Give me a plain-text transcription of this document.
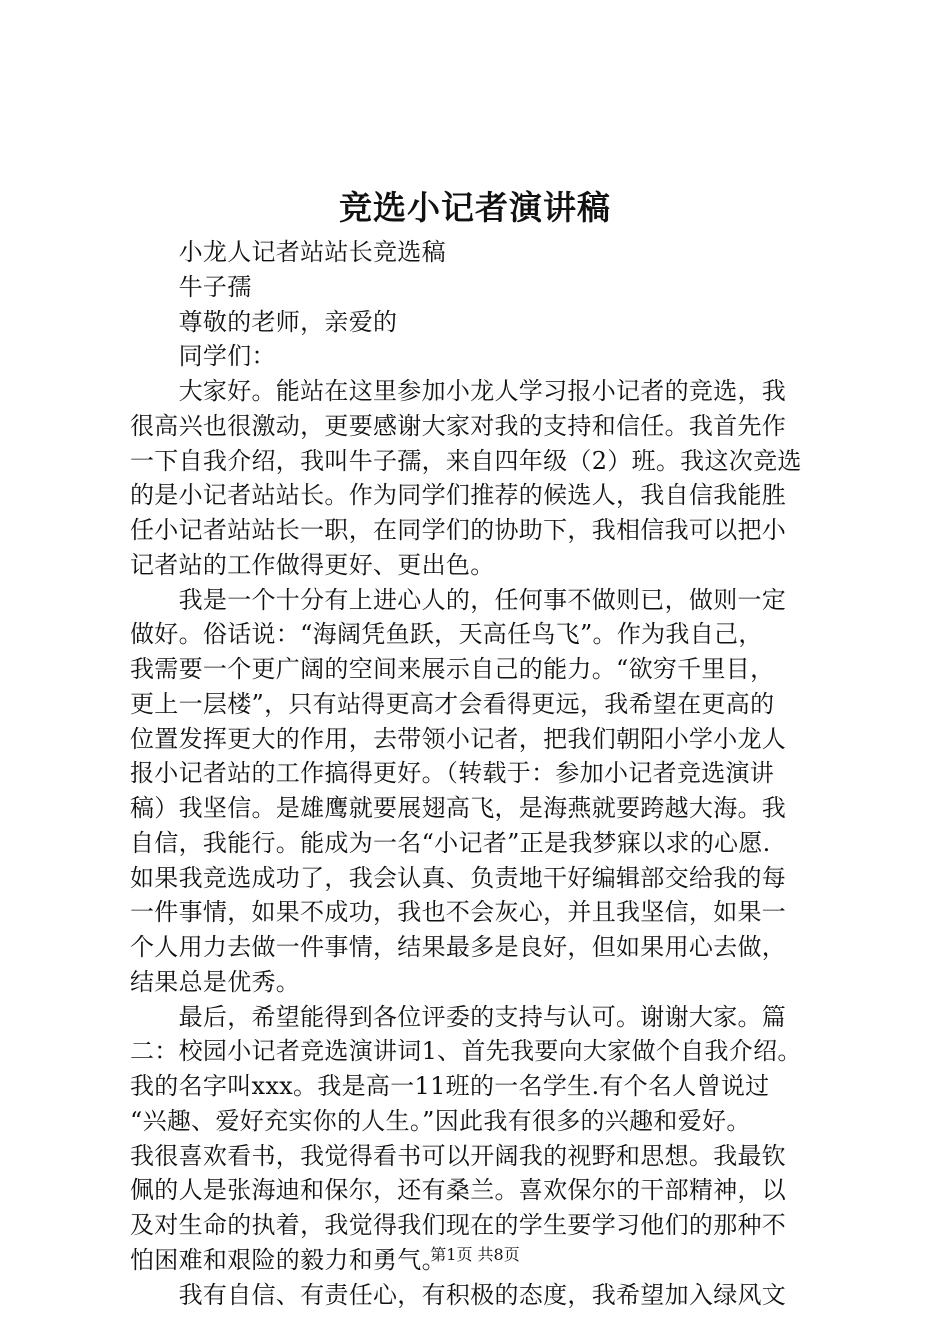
竞选小记者演讲稿
　　小龙人记者站站长竞选稿
　　牛子孺
　　尊敬的老师，亲爱的
　　同学们：
　　大家好。能站在这里参加小龙人学习报小记者的竞选，我
很高兴也很激动，更要感谢大家对我的支持和信任。我首先作
一下自我介绍，我叫牛子孺，来自四年级（2）班。我这次竞选
的是小记者站站长。作为同学们推荐的候选人，我自信我能胜
任小记者站站长一职，在同学们的协助下，我相信我可以把小
记者站的工作做得更好、更出色。
　　我是一个十分有上进心人的，任何事不做则已，做则一定
做好。俗话说：“海阔凭鱼跃，天高任鸟飞”。作为我自己，
我需要一个更广阔的空间来展示自己的能力。“欲穷千里目，
更上一层楼”，只有站得更高才会看得更远，我希望在更高的
位置发挥更大的作用，去带领小记者，把我们朝阳小学小龙人
报小记者站的工作搞得更好。（转载于：参加小记者竞选演讲
稿）我坚信。是雄鹰就要展翅高飞，是海燕就要跨越大海。我
自信，我能行。能成为一名“小记者”正是我梦寐以求的心愿.
如果我竞选成功了，我会认真、负责地干好编辑部交给我的每
一件事情，如果不成功，我也不会灰心，并且我坚信，如果一
个人用力去做一件事情，结果最多是良好，但如果用心去做，
结果总是优秀。
　　最后，希望能得到各位评委的支持与认可。谢谢大家。篇
二：校园小记者竞选演讲词1、首先我要向大家做个自我介绍。
我的名字叫xxx。我是高一11班的一名学生.有个名人曾说过
“兴趣、爱好充实你的人生。”因此我有很多的兴趣和爱好。
我很喜欢看书，我觉得看书可以开阔我的视野和思想。我最钦
佩的人是张海迪和保尔，还有桑兰。喜欢保尔的干部精神，以
及对生命的执着，我觉得我们现在的学生要学习他们的那种不
怕困难和艰险的毅力和勇气。
　　我有自信、有责任心，有积极的态度，我希望加入绿风文
第1页 共8页
